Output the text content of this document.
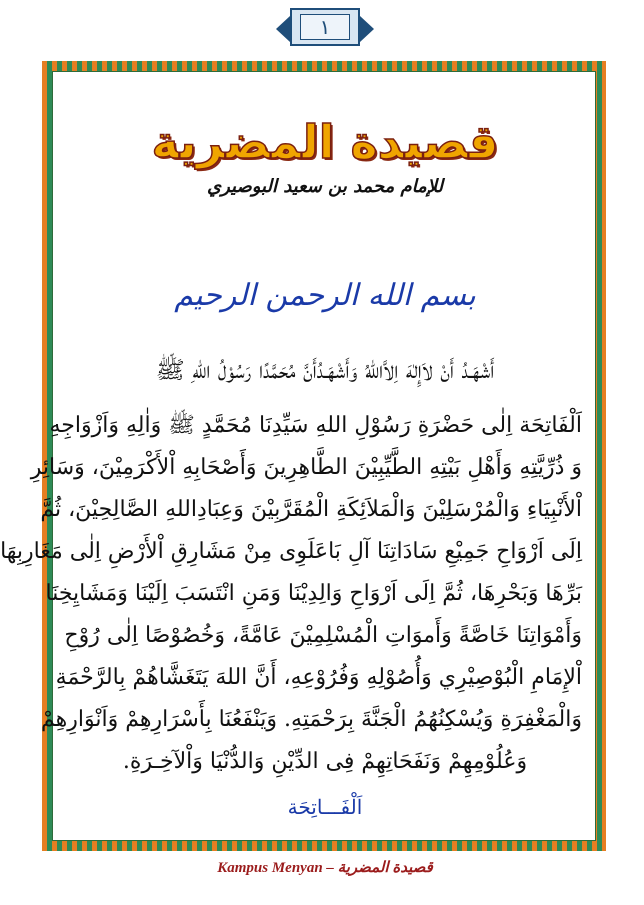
١
قصيدة المضرية
للإمام محمد بن سعيد البوصيري
بسم الله الرحمن الرحيم
أَشْهَـدُ أَنْ لاَإِلٰهَ اِلاَّاللهُ وَأَشْهَـدُأَنَّ مُحَمَّدًا رَسُوْلُ اللهِ ﷺ
اَلْفَاتِحَة اِلٰى حَضْرَةِ رَسُوْلِ اللهِ سَيِّدِنَا مُحَمَّدٍ ﷺ وَاٰلِهِ وَاَزْوَاجِهِ
وَ ذُرِّيَّتِهِ وَأَهْلِ بَيْتِهِ الطَّيِّبِيْنَ الطَّاهِرِينَ وَأَصْحَابِهِ اْلأَكْرَمِيْنَ، وَسَائِرِ
اْلأَنْبِيَاءِ وَالْمُرْسَلِيْنَ وَالْمَلاَئِكَةِ الْمُقَرَّبِيْنَ وَعِبَادِاللهِ الصَّالِحِيْنَ، ثُمَّ
اِلَى اَرْوَاحِ جَمِيْعِ سَادَاتِنَا آلِ بَاعَلَوِى مِنْ مَشَارِقِ اْلأَرْضِ اِلٰى مَغَارِبِهَا
بَرِّهَا وَبَحْرِهَا، ثُمَّ اِلَى اَرْوَاحِ وَالِدِيْنَا وَمَنِ انْتَسَبَ اِلَيْنَا وَمَشَايِخِنَا
وَأَمْوَاتِنَا خَاصَّةً وَأَموَاتِ الْمُسْلِمِيْنَ عَامَّةً، وَخُصُوْصًا اِلٰى رُوْحِ
اْلإِمَامِ الْبُوْصِيْرِي وَأُصُوْلِهِ وَفُرُوْعِهِ، أَنَّ اللهَ يَتَغَشَّاهُمْ بِالرَّحْمَةِ
وَالْمَغْفِرَةِ وَيُسْكِنُهُمُ الْجَنَّةَ بِرَحْمَتِهِ. وَيَنْفَعُنَا بِأَسْرَارِهِمْ وَاَنْوَارِهِمْ
وَعُلُوْمِهِمْ وَنَفَحَاتِهِمْ فِى الدِّيْنِ وَالدُّنْيَا وَاْلآخِـرَةِ.
اَلْفَـــاتِحَة
Kampus Menyan – قصيدة المضرية
